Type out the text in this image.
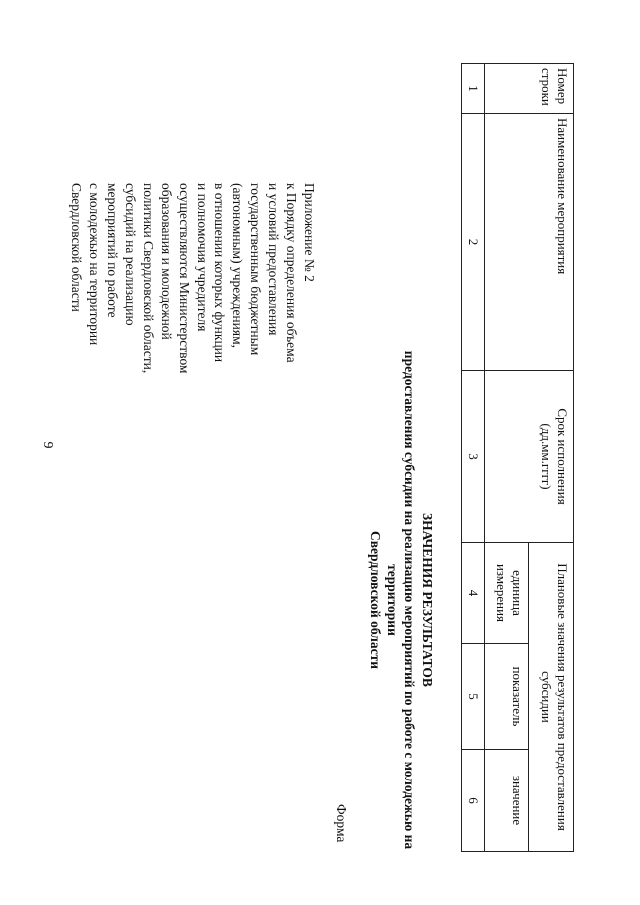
9
Приложение № 2
к Порядку определения объема
и условий предоставления
государственным бюджетным
(автономным) учреждениям,
в отношении которых функции
и полномочия учредителя
осуществляются Министерством
образования и молодежной
политики Свердловской области,
субсидий на реализацию
мероприятий по работе
с молодежью на территории
Свердловской области
ЗНАЧЕНИЯ РЕЗУЛЬТАТОВ
предоставления субсидии на реализацию мероприятий по работе с молодежью на территории
Свердловской области
Форма
Номер строки	Наименование мероприятия	Срок исполнения (дд.мм.гггг)	Плановые значения результатов предоставления субсидии		
			единица измерения	показатель	значение
1	2	3	4	5	6
